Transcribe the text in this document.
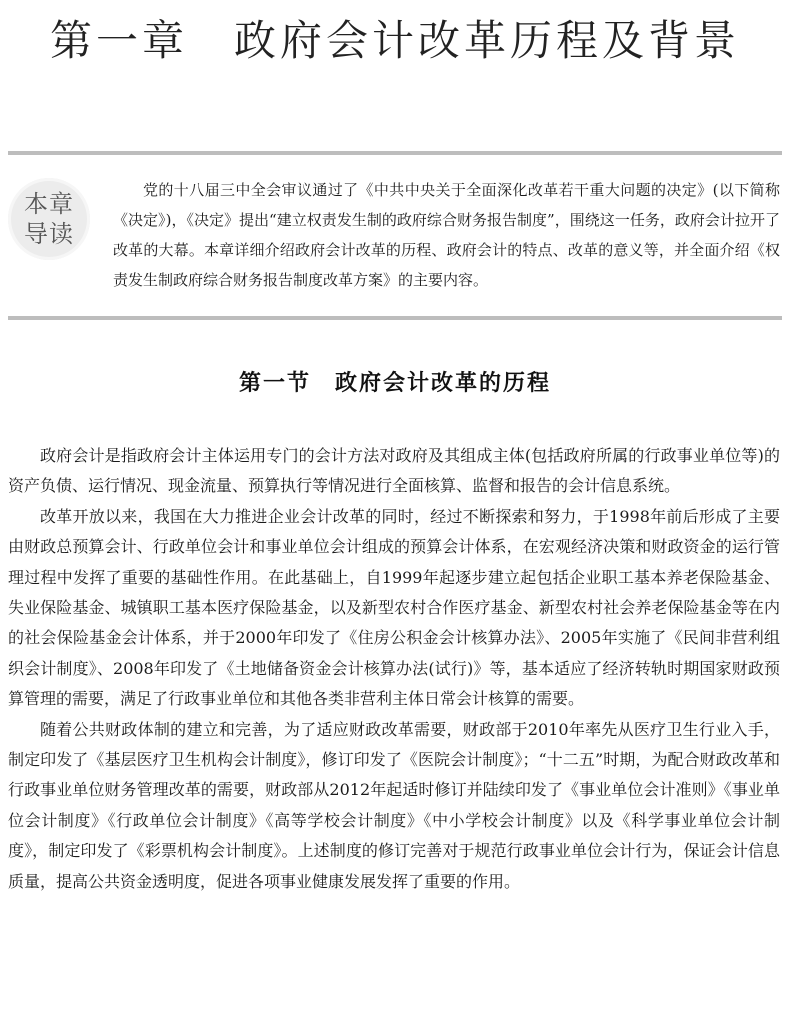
第一章　政府会计改革历程及背景
本章
导读

党的十八届三中全会审议通过了《中共中央关于全面深化改革若干重大问题的决定》(以下简称《决定》)，《决定》提出“建立权责发生制的政府综合财务报告制度”，围绕这一任务，政府会计拉开了改革的大幕。本章详细介绍政府会计改革的历程、政府会计的特点、改革的意义等，并全面介绍《权责发生制政府综合财务报告制度改革方案》的主要内容。

第一节　政府会计改革的历程

政府会计是指政府会计主体运用专门的会计方法对政府及其组成主体(包括政府所属的行政事业单位等)的资产负债、运行情况、现金流量、预算执行等情况进行全面核算、监督和报告的会计信息系统。

改革开放以来，我国在大力推进企业会计改革的同时，经过不断探索和努力，于1998年前后形成了主要由财政总预算会计、行政单位会计和事业单位会计组成的预算会计体系，在宏观经济决策和财政资金的运行管理过程中发挥了重要的基础性作用。在此基础上，自1999年起逐步建立起包括企业职工基本养老保险基金、失业保险基金、城镇职工基本医疗保险基金，以及新型农村合作医疗基金、新型农村社会养老保险基金等在内的社会保险基金会计体系，并于2000年印发了《住房公积金会计核算办法》、2005年实施了《民间非营利组织会计制度》、2008年印发了《土地储备资金会计核算办法(试行)》等，基本适应了经济转轨时期国家财政预算管理的需要，满足了行政事业单位和其他各类非营利主体日常会计核算的需要。

随着公共财政体制的建立和完善，为了适应财政改革需要，财政部于2010年率先从医疗卫生行业入手，制定印发了《基层医疗卫生机构会计制度》，修订印发了《医院会计制度》；“十二五”时期，为配合财政改革和行政事业单位财务管理改革的需要，财政部从2012年起适时修订并陆续印发了《事业单位会计准则》《事业单位会计制度》《行政单位会计制度》《高等学校会计制度》《中小学校会计制度》以及《科学事业单位会计制度》，制定印发了《彩票机构会计制度》。上述制度的修订完善对于规范行政事业单位会计行为，保证会计信息质量，提高公共资金透明度，促进各项事业健康发展发挥了重要的作用。
